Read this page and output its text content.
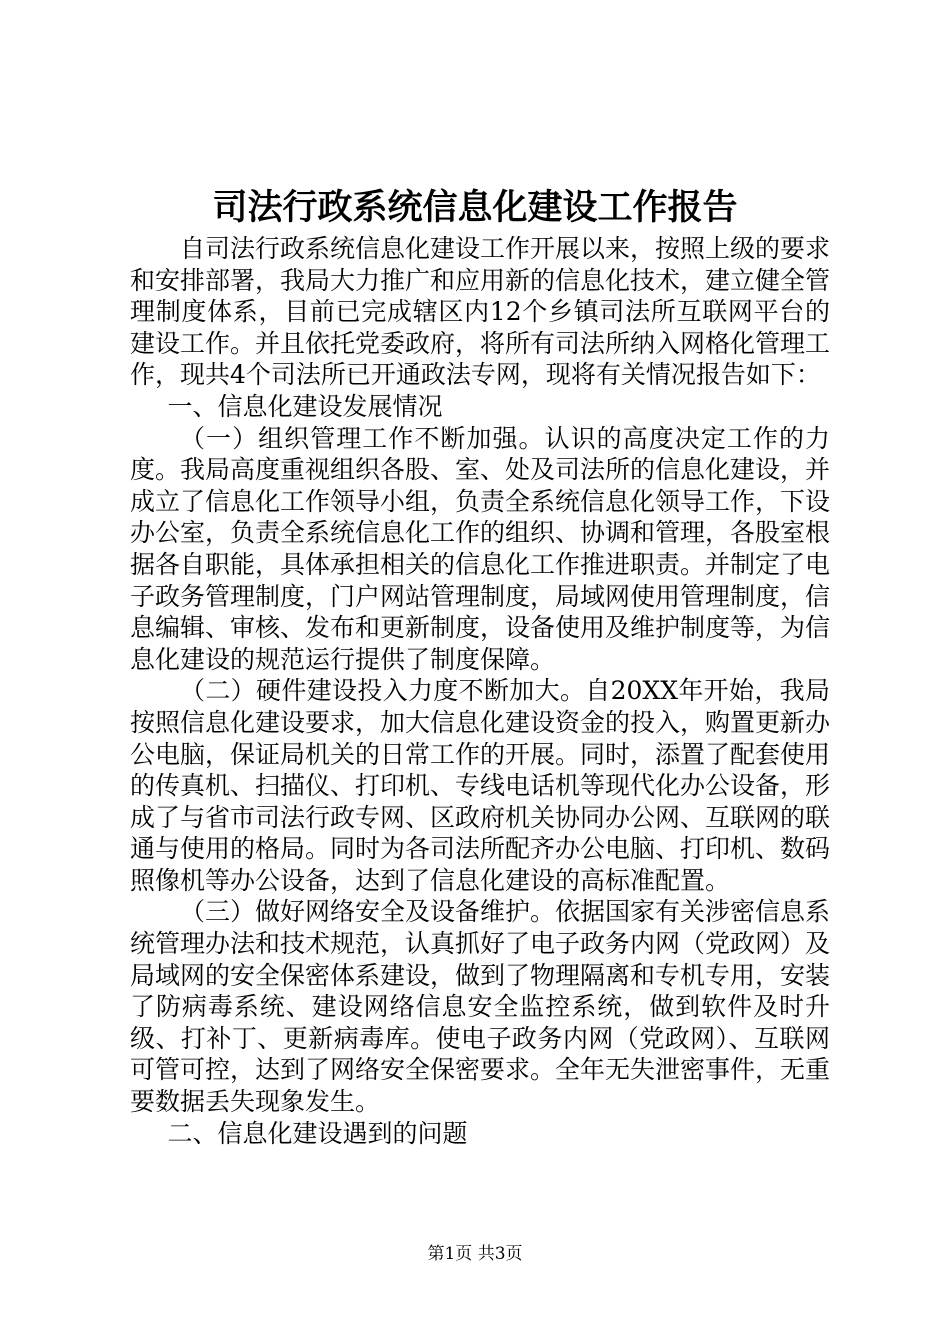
司法行政系统信息化建设工作报告

自司法行政系统信息化建设工作开展以来，按照上级的要求和安排部署，我局大力推广和应用新的信息化技术，建立健全管理制度体系，目前已完成辖区内12个乡镇司法所互联网平台的建设工作。并且依托党委政府，将所有司法所纳入网格化管理工作，现共4个司法所已开通政法专网，现将有关情况报告如下：

一、信息化建设发展情况

（一）组织管理工作不断加强。认识的高度决定工作的力度。我局高度重视组织各股、室、处及司法所的信息化建设，并成立了信息化工作领导小组，负责全系统信息化领导工作，下设办公室，负责全系统信息化工作的组织、协调和管理，各股室根据各自职能，具体承担相关的信息化工作推进职责。并制定了电子政务管理制度，门户网站管理制度，局域网使用管理制度，信息编辑、审核、发布和更新制度，设备使用及维护制度等，为信息化建设的规范运行提供了制度保障。

（二）硬件建设投入力度不断加大。自20XX年开始，我局按照信息化建设要求，加大信息化建设资金的投入，购置更新办公电脑，保证局机关的日常工作的开展。同时，添置了配套使用的传真机、扫描仪、打印机、专线电话机等现代化办公设备，形成了与省市司法行政专网、区政府机关协同办公网、互联网的联通与使用的格局。同时为各司法所配齐办公电脑、打印机、数码照像机等办公设备，达到了信息化建设的高标准配置。

（三）做好网络安全及设备维护。依据国家有关涉密信息系统管理办法和技术规范，认真抓好了电子政务内网（党政网）及局域网的安全保密体系建设，做到了物理隔离和专机专用，安装了防病毒系统、建设网络信息安全监控系统，做到软件及时升级、打补丁、更新病毒库。使电子政务内网（党政网）、互联网可管可控，达到了网络安全保密要求。全年无失泄密事件，无重要数据丢失现象发生。

二、信息化建设遇到的问题

第1页 共3页
